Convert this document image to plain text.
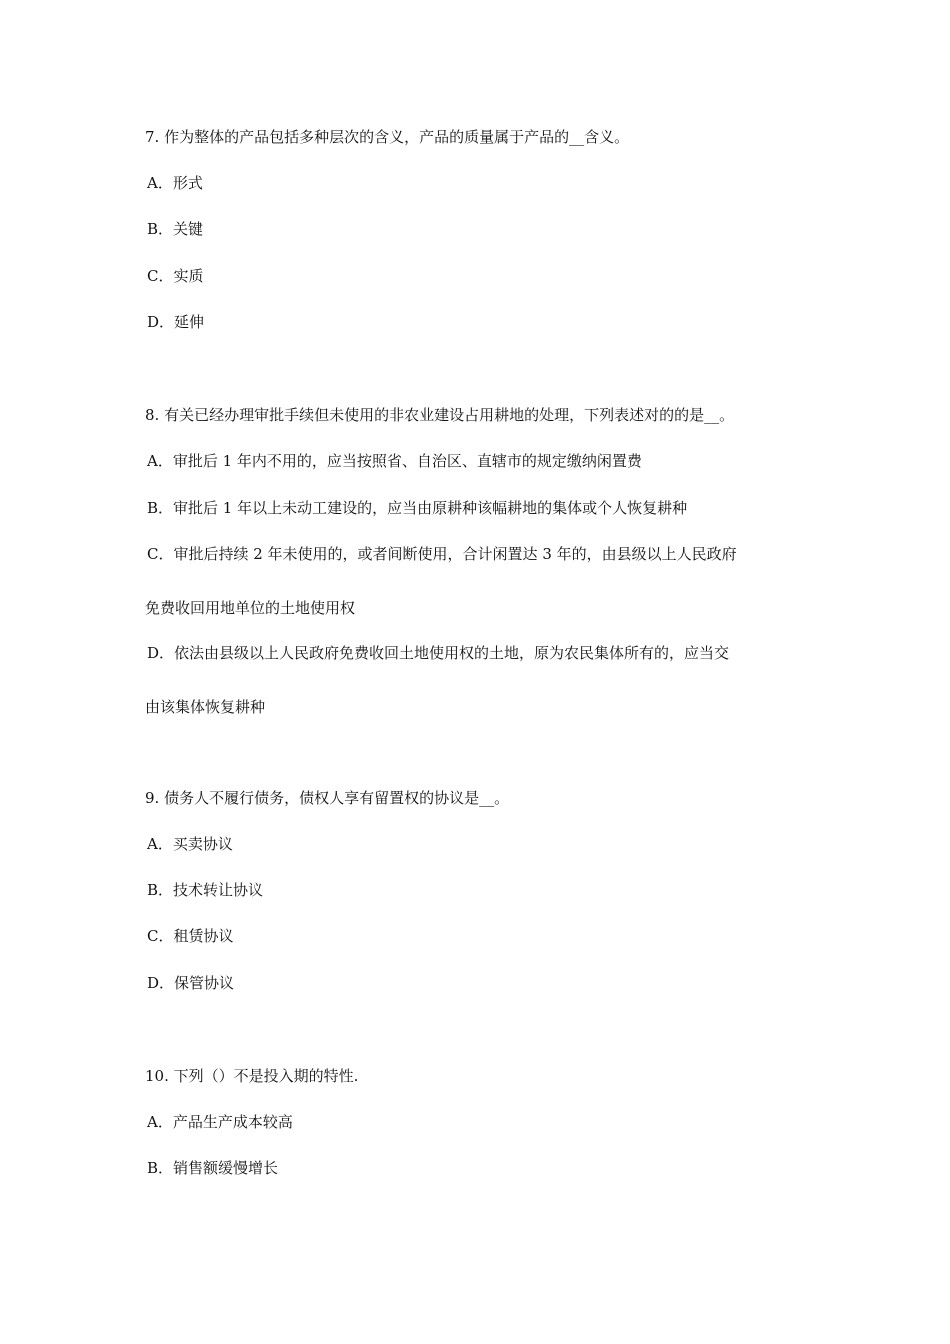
7. 作为整体的产品包括多种层次的含义，产品的质量属于产品的__含义。
A．形式
B．关键
C．实质
D．延伸
8. 有关已经办理审批手续但未使用的非农业建设占用耕地的处理，下列表述对的的是__。
A．审批后 1 年内不用的，应当按照省、自治区、直辖市的规定缴纳闲置费
B．审批后 1 年以上未动工建设的，应当由原耕种该幅耕地的集体或个人恢复耕种
C．审批后持续 2 年未使用的，或者间断使用，合计闲置达 3 年的，由县级以上人民政府
免费收回用地单位的土地使用权
D．依法由县级以上人民政府免费收回土地使用权的土地，原为农民集体所有的，应当交
由该集体恢复耕种
9. 债务人不履行债务，债权人享有留置权的协议是__。
A．买卖协议
B．技术转让协议
C．租赁协议
D．保管协议
10. 下列（）不是投入期的特性.
A．产品生产成本较高
B．销售额缓慢增长
